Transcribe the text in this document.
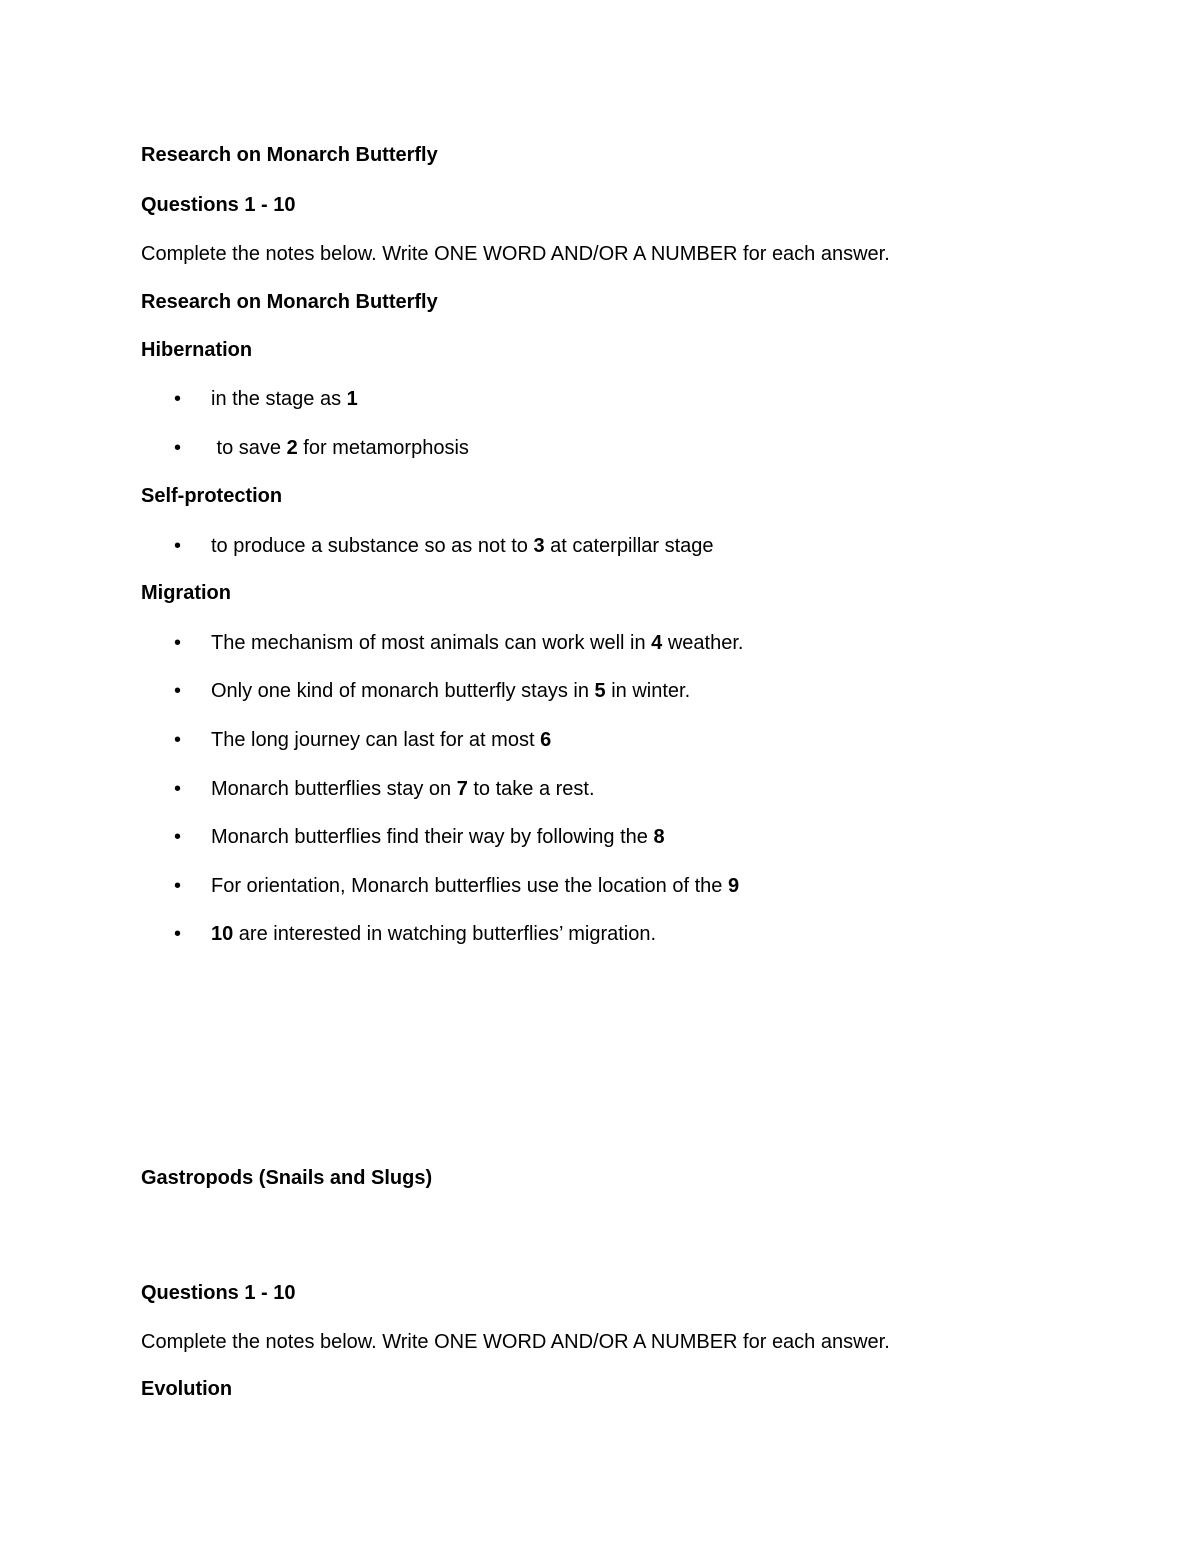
Research on Monarch Butterfly
Questions 1 - 10
Complete the notes below. Write ONE WORD AND/OR A NUMBER for each answer.
Research on Monarch Butterfly
Hibernation
• in the stage as 1
• to save 2 for metamorphosis
Self-protection
• to produce a substance so as not to 3 at caterpillar stage
Migration
• The mechanism of most animals can work well in 4 weather.
• Only one kind of monarch butterfly stays in 5 in winter.
• The long journey can last for at most 6
• Monarch butterflies stay on 7 to take a rest.
• Monarch butterflies find their way by following the 8
• For orientation, Monarch butterflies use the location of the 9
• 10 are interested in watching butterflies’ migration.
Gastropods (Snails and Slugs)
Questions 1 - 10
Complete the notes below. Write ONE WORD AND/OR A NUMBER for each answer.
Evolution
